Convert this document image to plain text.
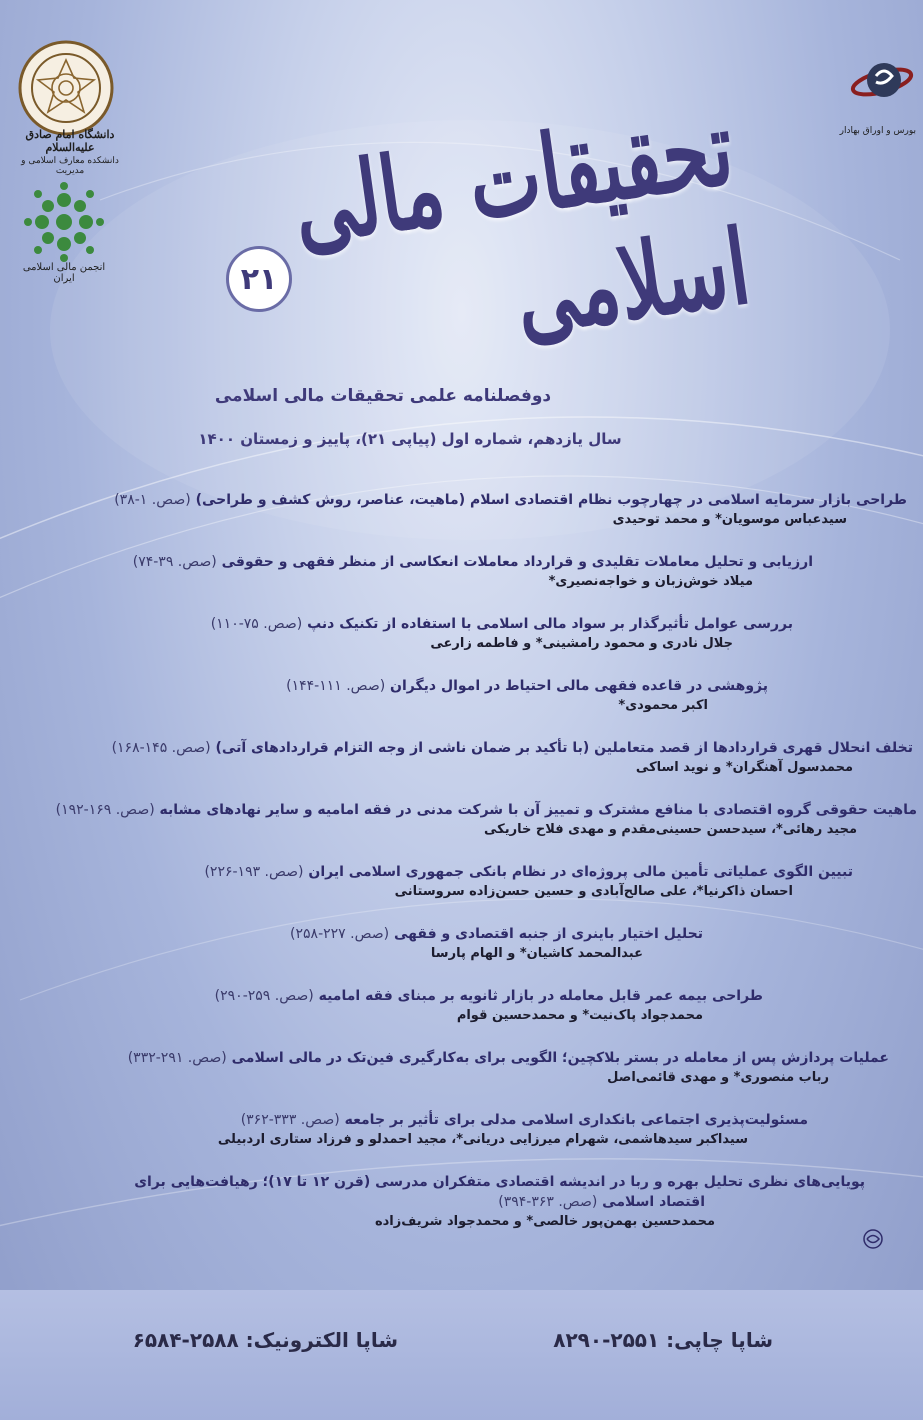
دانشگاه امام صادق علیه‌السلام
دانشکده معارف اسلامی و مدیریت
انجمن مالی اسلامی ایران
بورس و اوراق بهادار
تحقیقات مالی اسلامی
۲۱
دوفصلنامه علمی تحقیقات مالی اسلامی
سال یازدهم، شماره اول (پیاپی ۲۱)، پاییز و زمستان ۱۴۰۰
طراحی بازار سرمایه اسلامی در چهارچوب نظام اقتصادی اسلام (ماهیت، عناصر، روش کشف و طراحی) (صص. ۱-۳۸)
سیدعباس موسویان* و محمد توحیدی
ارزیابی و تحلیل معاملات تقلیدی و قرارداد معاملات انعکاسی از منظر فقهی و حقوقی (صص. ۳۹-۷۴)
میلاد خوش‌زبان و خواجه‌نصیری*
بررسی عوامل تأثیرگذار بر سواد مالی اسلامی با استفاده از تکنیک دنپ (صص. ۷۵-۱۱۰)
جلال نادری و محمود رامشینی* و فاطمه زارعی
پژوهشی در قاعده فقهی مالی احتیاط در اموال دیگران (صص. ۱۱۱-۱۴۴)
اکبر محمودی*
تخلف انحلال قهری قراردادها از قصد متعاملین (با تأکید بر ضمان ناشی از وجه التزام قراردادهای آتی) (صص. ۱۴۵-۱۶۸)
محمدسول آهنگران* و نوید اساکی
ماهیت حقوقی گروه اقتصادی با منافع مشترک و تمییز آن با شرکت مدنی در فقه امامیه و سایر نهادهای مشابه (صص. ۱۶۹-۱۹۲)
مجید رهائی*، سیدحسن حسینی‌مقدم و مهدی فلاح خاریکی
تبیین الگوی عملیاتی تأمین مالی پروژه‌ای در نظام بانکی جمهوری اسلامی ایران (صص. ۱۹۳-۲۲۶)
احسان ذاکرنیا*، علی صالح‌آبادی و حسین حسن‌زاده سروستانی
تحلیل اختیار باینری از جنبه اقتصادی و فقهی (صص. ۲۲۷-۲۵۸)
عبدالمحمد کاشیان* و الهام پارسا
طراحی بیمه عمر قابل معامله در بازار ثانویه بر مبنای فقه امامیه (صص. ۲۵۹-۲۹۰)
محمدجواد پاک‌نیت* و محمدحسین قوام
عملیات پردازش پس از معامله در بستر بلاکچین؛ الگویی برای به‌کارگیری فین‌تک در مالی اسلامی (صص. ۲۹۱-۳۳۲)
رباب منصوری* و مهدی قائمی‌اصل
مسئولیت‌پذیری اجتماعی بانکداری اسلامی مدلی برای تأثیر بر جامعه (صص. ۳۳۳-۳۶۲)
سیداکبر سیدهاشمی، شهرام میرزایی دریانی*، مجید احمدلو و فرزاد ستاری اردبیلی
پویایی‌های نظری تحلیل بهره و ربا در اندیشه اقتصادی متفکران مدرسی (قرن ۱۲ تا ۱۷)؛ رهیافت‌هایی برای
اقتصاد اسلامی (صص. ۳۶۳-۳۹۴)
محمدحسین بهمن‌پور خالصی* و محمدجواد شریف‌زاده
شاپا چاپی: ۲۵۵۱-۸۲۹۰
شاپا الکترونیک: ۲۵۸۸-۶۵۸۴
